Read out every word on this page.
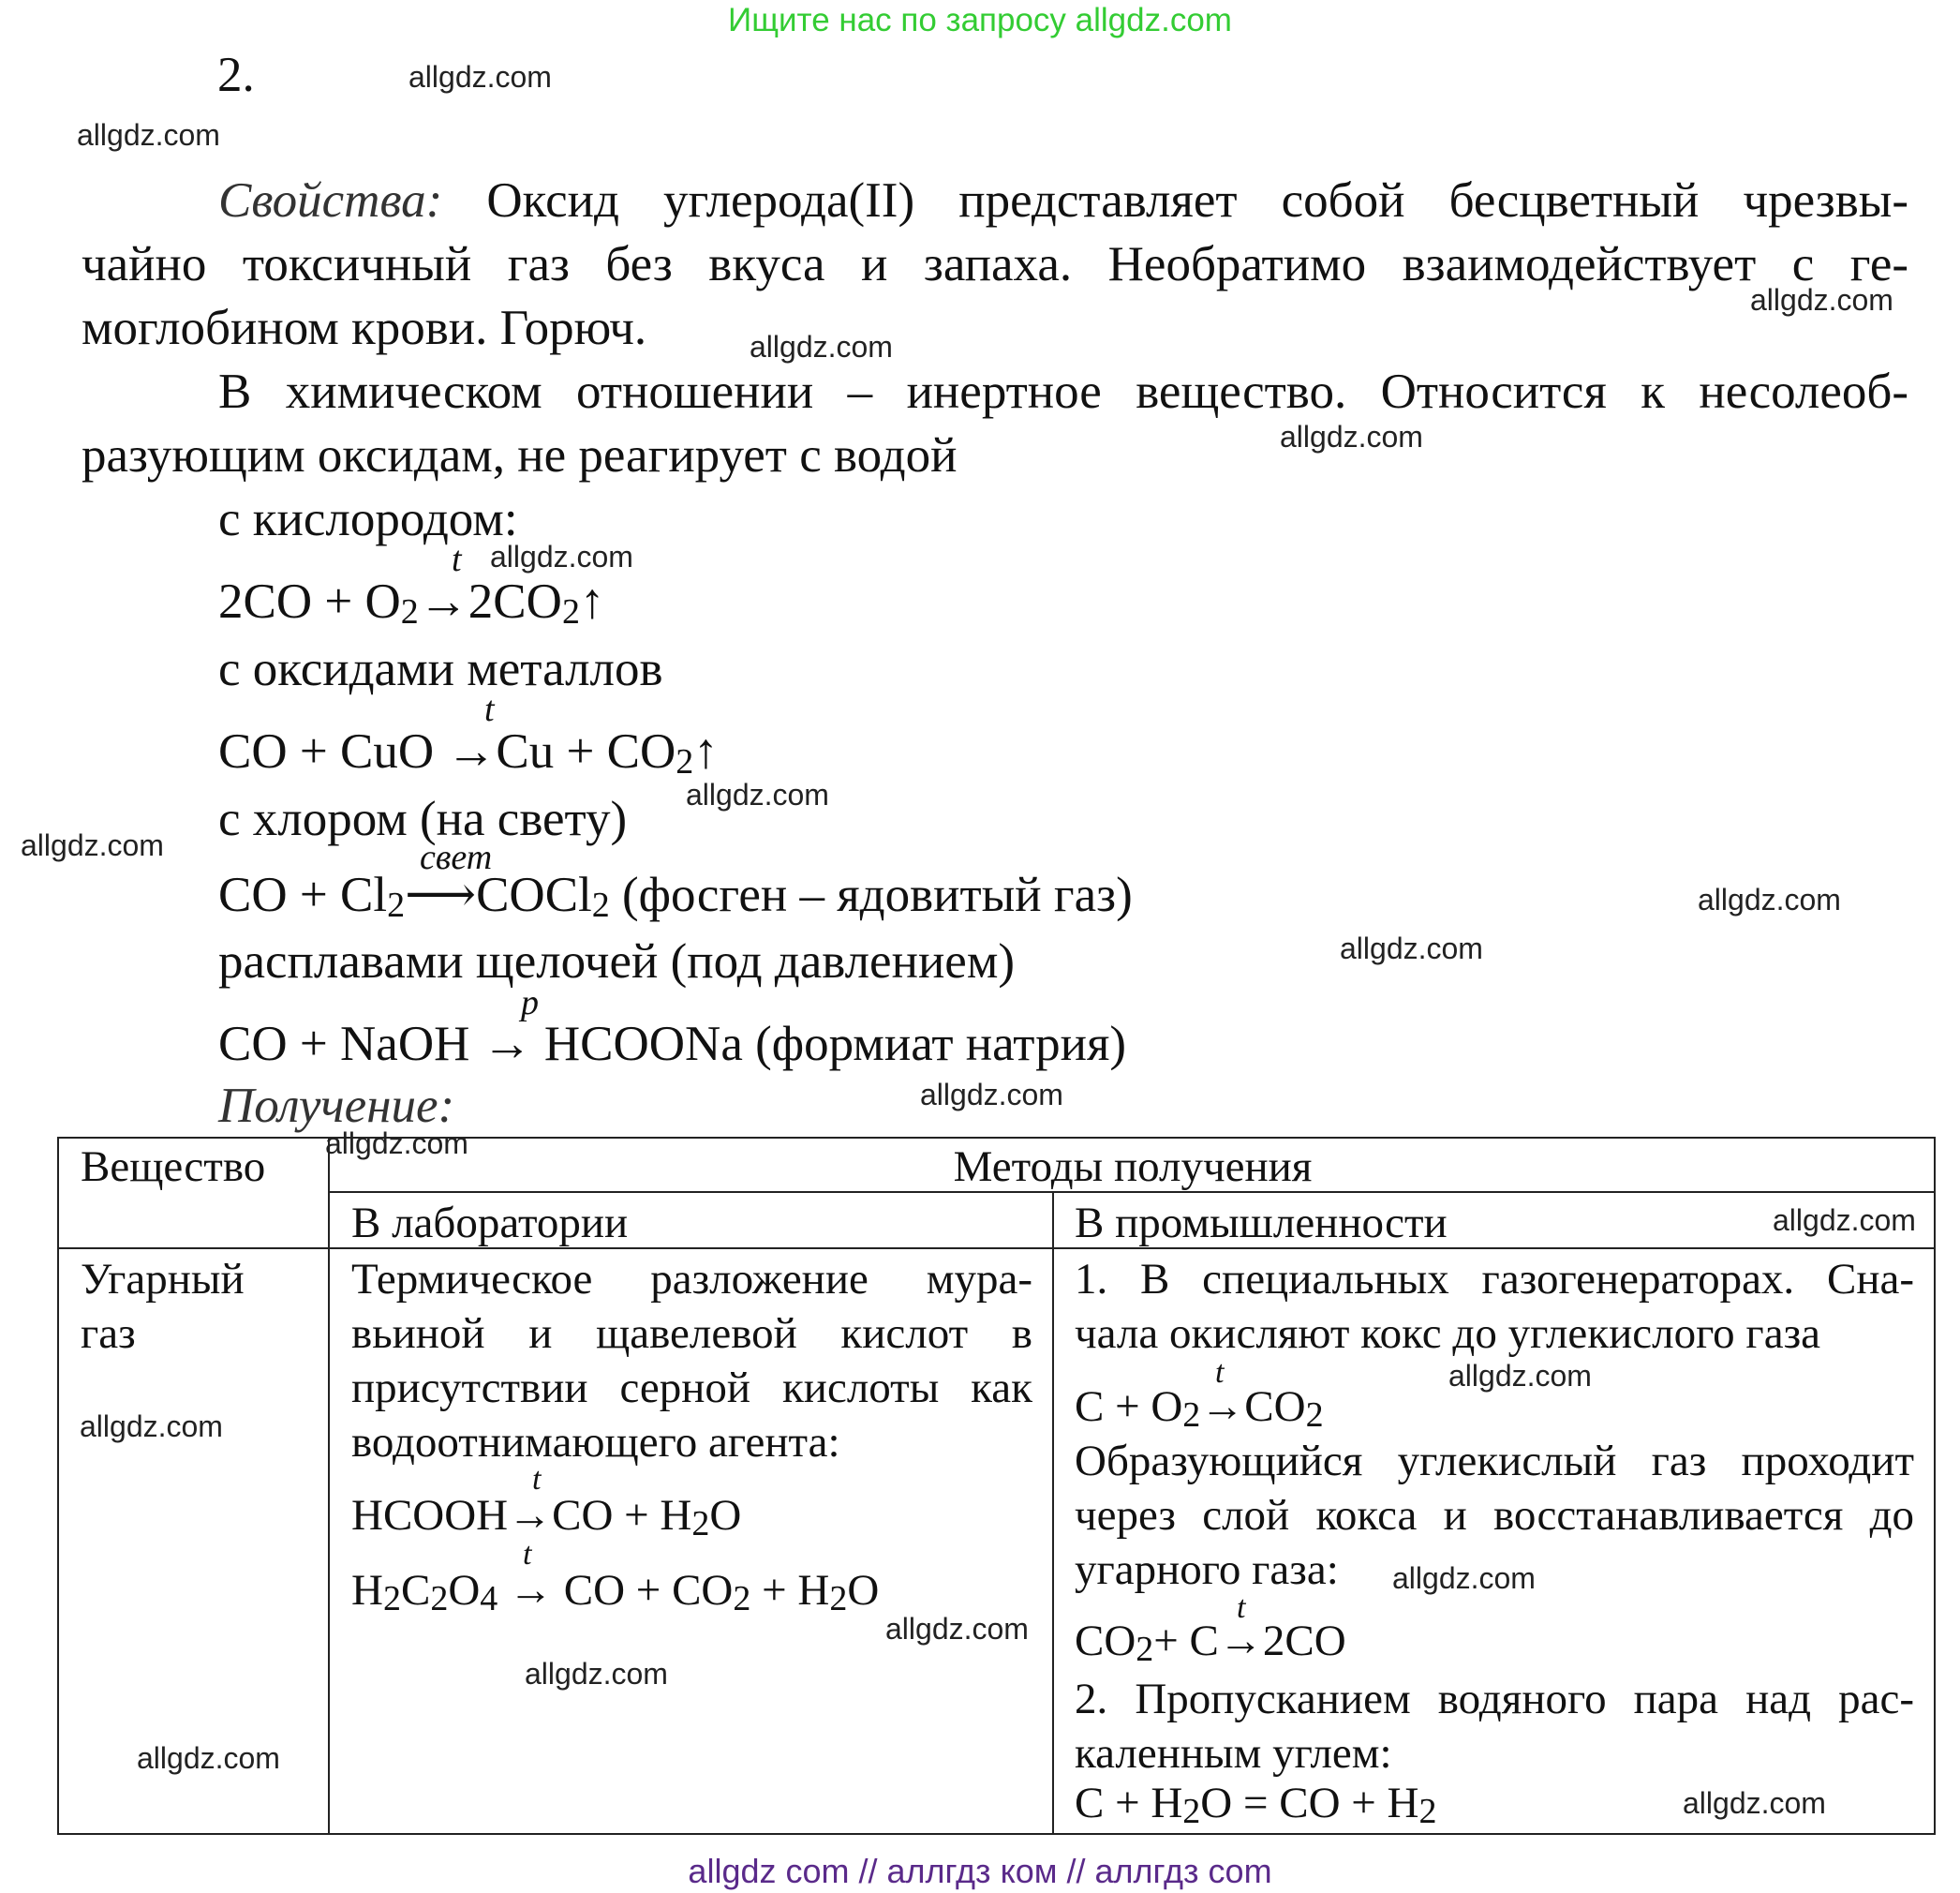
Ищите нас по запросу allgdz.com
2.
Свойства: Оксид углерода(II) представляет собой бесцветный чрезвы-
чайно токсичный газ без вкуса и запаха. Необратимо взаимодействует с ге-
моглобином крови. Горюч.
В химическом отношении – инертное вещество. Относится к несолеоб-
разующим оксидам, не реагирует с водой
с кислородом:
t
$2CO + O_2\to 2CO_2↑$
с оксидами металлов
t
CO + CuO $\to Cu + CO_2↑$
с хлором (на свету)
свет
CO + $Cl_2⟶COCl_2$ (фосген – ядовитый газ)
расплавами щелочей (под давлением)
p
CO + NaOH → HCOONa (формиат натрия)
Получение:
Вещество	Методы получения
В лаборатории	В промышленности
Угарный
газ
Термическое разложение мура-
вьиной и щавелевой кислот в
присутствии серной кислоты как
водоотнимающего агента:
t
HCOOH→CO + $H_2O$
t
$H_2C_2O_4$ → CO + $CO_2 + H_2O$
1. В специальных газогенераторах. Сна-
чала окисляют кокс до углекислого газа
t
$C + O_2\to CO_2$
Образующийся углекислый газ проходит
через слой кокса и восстанавливается до
угарного газа:
t
$CO_2+ C\to 2CO$
2. Пропусканием водяного пара над рас-
каленным углем:
$C + H_2O$ = CO + $H_2$
allgdz.com
allgdz.com
allgdz.com
allgdz.com
allgdz.com
allgdz.com
allgdz.com
allgdz.com
allgdz.com
allgdz.com
allgdz.com
allgdz.com
allgdz.com
allgdz.com
allgdz.com
allgdz.com
allgdz.com
allgdz.com
allgdz.com
allgdz.com
allgdz com // аллгдз ком // аллгдз com
